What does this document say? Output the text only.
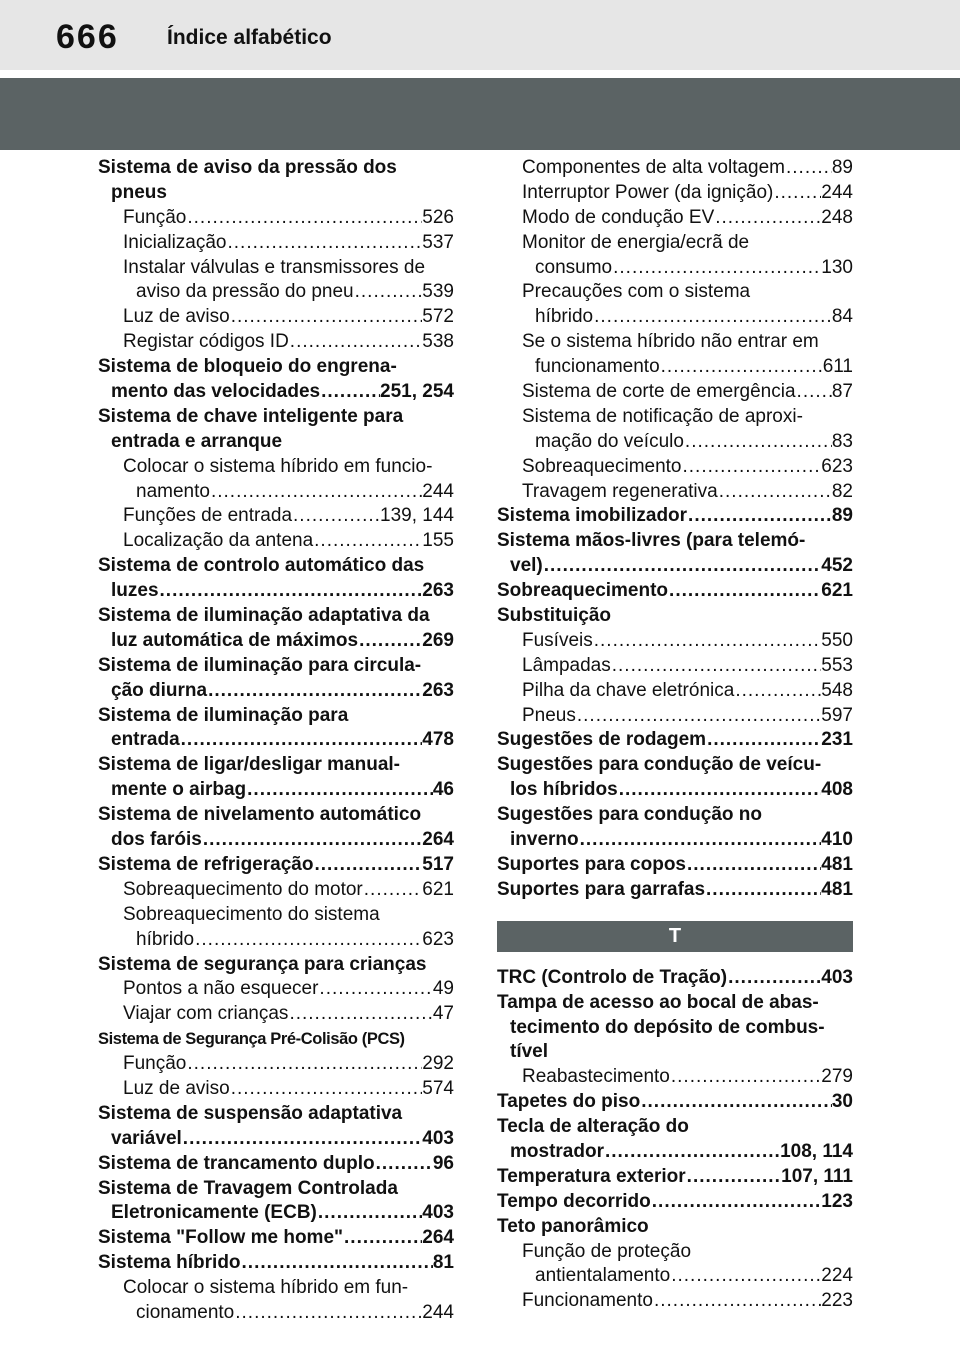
666 Índice alfabético
Sistema de aviso da pressão dos
pneus
Função .....	526
Inicialização .....	537
Instalar válvulas e transmissores de
aviso da pressão do pneu .....	539
Luz de aviso .....	572
Registar códigos ID .....	538
Sistema de bloqueio do engrena-
mento das velocidades .....	251, 254
Sistema de chave inteligente para
entrada e arranque
Colocar o sistema híbrido em funcio-
namento .....	244
Funções de entrada .....	139, 144
Localização da antena .....	155
Sistema de controlo automático das
luzes .....	263
Sistema de iluminação adaptativa da
luz automática de máximos .....	269
Sistema de iluminação para circula-
ção diurna .....	263
Sistema de iluminação para
entrada .....	478
Sistema de ligar/desligar manual-
mente o airbag .....	46
Sistema de nivelamento automático
dos faróis .....	264
Sistema de refrigeração .....	517
Sobreaquecimento do motor .....	621
Sobreaquecimento do sistema
híbrido .....	623
Sistema de segurança para crianças
Pontos a não esquecer .....	49
Viajar com crianças .....	47
Sistema de Segurança Pré-Colisão (PCS)
Função .....	292
Luz de aviso .....	574
Sistema de suspensão adaptativa
variável .....	403
Sistema de trancamento duplo .....	96
Sistema de Travagem Controlada
Eletronicamente (ECB) .....	403
Sistema "Follow me home" .....	264
Sistema híbrido .....	81
Colocar o sistema híbrido em fun-
cionamento .....	244
Componentes de alta voltagem ..... 89
Interruptor Power (da ignição) .....	244
Modo de condução EV .....	248
Monitor de energia/ecrã de
consumo .....	130
Precauções com o sistema
híbrido .....	84
Se o sistema híbrido não entrar em
funcionamento .....	611
Sistema de corte de emergência ..... 87
Sistema de notificação de aproxi-
mação do veículo .....	83
Sobreaquecimento .....	623
Travagem regenerativa .....	82
Sistema imobilizador .....	89
Sistema mãos-livres (para telemó-
vel) .....	452
Sobreaquecimento .....	621
Substituição
Fusíveis .....	550
Lâmpadas .....	553
Pilha da chave eletrónica .....	548
Pneus .....	597
Sugestões de rodagem .....	231
Sugestões para condução de veícu-
los híbridos .....	408
Sugestões para condução no
inverno .....	410
Suportes para copos .....	481
Suportes para garrafas .....	481
T
TRC (Controlo de Tração) .....	403
Tampa de acesso ao bocal de abas-
tecimento do depósito de combus-
tível
Reabastecimento .....	279
Tapetes do piso .....	30
Tecla de alteração do
mostrador .....	108, 114
Temperatura exterior .....	107, 111
Tempo decorrido .....	123
Teto panorâmico
Função de proteção
antientalamento .....	224
Funcionamento .....	223
